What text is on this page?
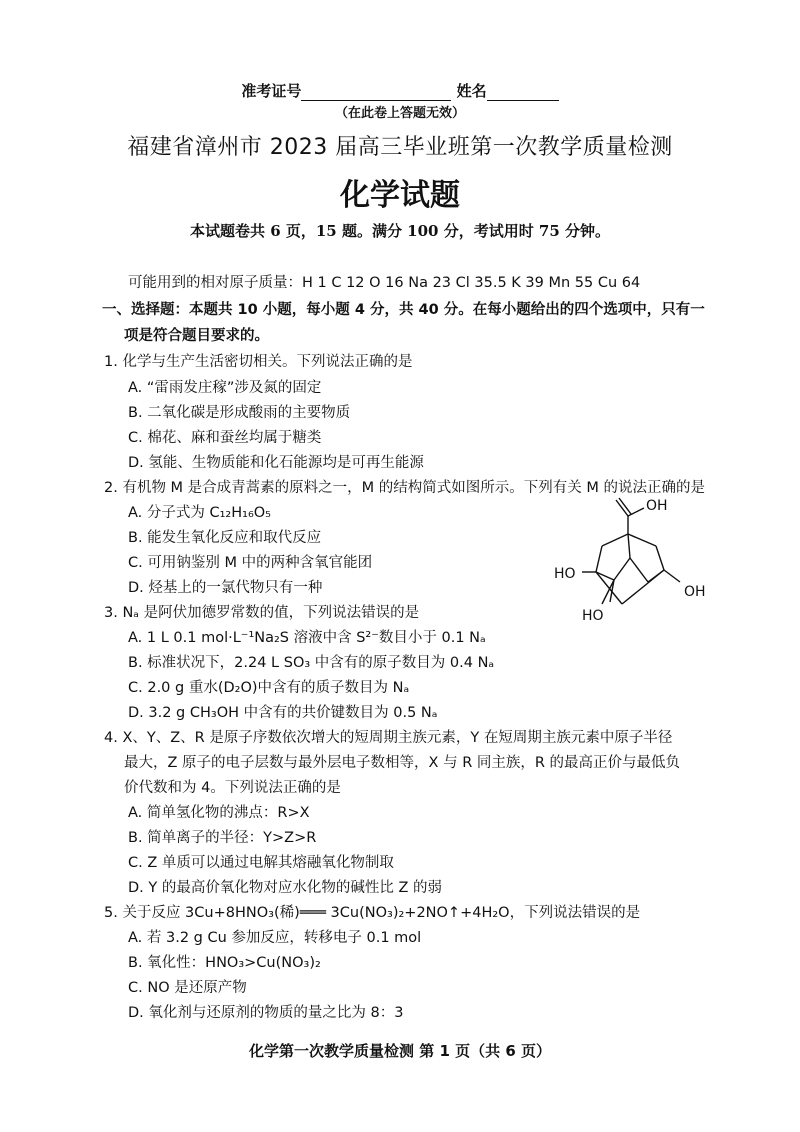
准考证号	姓名
（在此卷上答题无效）
福建省漳州市 2023 届高三毕业班第一次教学质量检测
化学试题
本试题卷共 6 页，15 题。满分 100 分，考试用时 75 分钟。
可能用到的相对原子质量：H 1 C 12 O 16 Na 23 Cl 35.5 K 39 Mn 55 Cu 64
一、选择题：本题共 10 小题，每小题 4 分，共 40 分。在每小题给出的四个选项中，只有一
项是符合题目要求的。
1. 化学与生产生活密切相关。下列说法正确的是
A. “雷雨发庄稼”涉及氮的固定
B. 二氧化碳是形成酸雨的主要物质
C. 棉花、麻和蚕丝均属于糖类
D. 氢能、生物质能和化石能源均是可再生能源
2. 有机物 M 是合成青蒿素的原料之一，M 的结构简式如图所示。下列有关 M 的说法正确的是
A. 分子式为 C₁₂H₁₆O₅
B. 能发生氧化反应和取代反应
C. 可用钠鉴别 M 中的两种含氧官能团
D. 烃基上的一氯代物只有一种
OH
HO
OH
HO
3. Nₐ 是阿伏加德罗常数的值，下列说法错误的是
A. 1 L 0.1 mol·L⁻¹Na₂S 溶液中含 S²⁻数目小于 0.1 Nₐ
B. 标准状况下，2.24 L SO₃ 中含有的原子数目为 0.4 Nₐ
C. 2.0 g 重水(D₂O)中含有的质子数目为 Nₐ
D. 3.2 g CH₃OH 中含有的共价键数目为 0.5 Nₐ
4. X、Y、Z、R 是原子序数依次增大的短周期主族元素，Y 在短周期主族元素中原子半径
最大，Z 原子的电子层数与最外层电子数相等，X 与 R 同主族，R 的最高正价与最低负
价代数和为 4。下列说法正确的是
A. 简单氢化物的沸点：R>X
B. 简单离子的半径：Y>Z>R
C. Z 单质可以通过电解其熔融氧化物制取
D. Y 的最高价氧化物对应水化物的碱性比 Z 的弱
5. 关于反应 3Cu+8HNO₃(稀)═══ 3Cu(NO₃)₂+2NO↑+4H₂O，下列说法错误的是
A. 若 3.2 g Cu 参加反应，转移电子 0.1 mol
B. 氧化性：HNO₃>Cu(NO₃)₂
C. NO 是还原产物
D. 氧化剂与还原剂的物质的量之比为 8：3
化学第一次教学质量检测 第 1 页（共 6 页）
